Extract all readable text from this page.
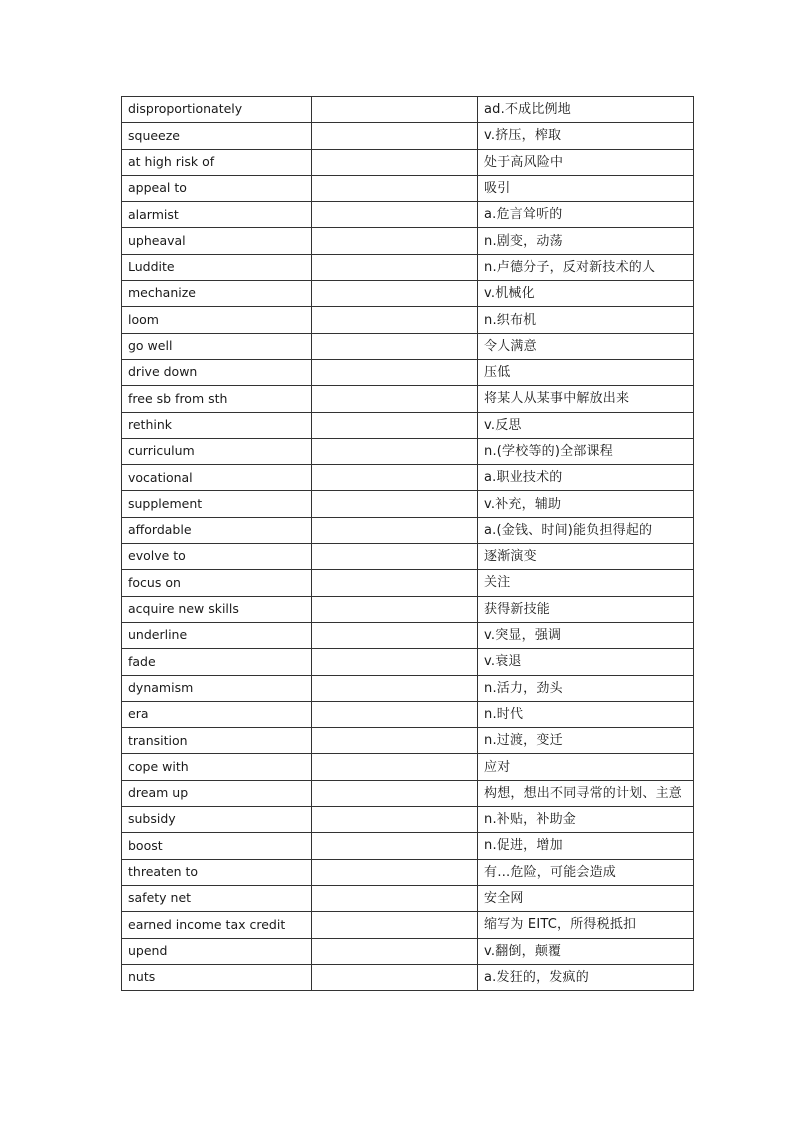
disproportionately		ad.不成比例地
squeeze		v.挤压，榨取
at high risk of		处于高风险中
appeal to		吸引
alarmist		a.危言耸听的
upheaval		n.剧变，动荡
Luddite		n.卢德分子，反对新技术的人
mechanize		v.机械化
loom		n.织布机
go well		令人满意
drive down		压低
free sb from sth		将某人从某事中解放出来
rethink		v.反思
curriculum		n.(学校等的)全部课程
vocational		a.职业技术的
supplement		v.补充，辅助
affordable		a.(金钱、时间)能负担得起的
evolve to		逐渐演变
focus on		关注
acquire new skills		获得新技能
underline		v.突显，强调
fade		v.衰退
dynamism		n.活力，劲头
era		n.时代
transition		n.过渡，变迁
cope with		应对
dream up		构想，想出不同寻常的计划、主意
subsidy		n.补贴，补助金
boost		n.促进，增加
threaten to		有…危险，可能会造成
safety net		安全网
earned income tax credit		缩写为 EITC，所得税抵扣
upend		v.翻倒，颠覆
nuts		a.发狂的，发疯的
